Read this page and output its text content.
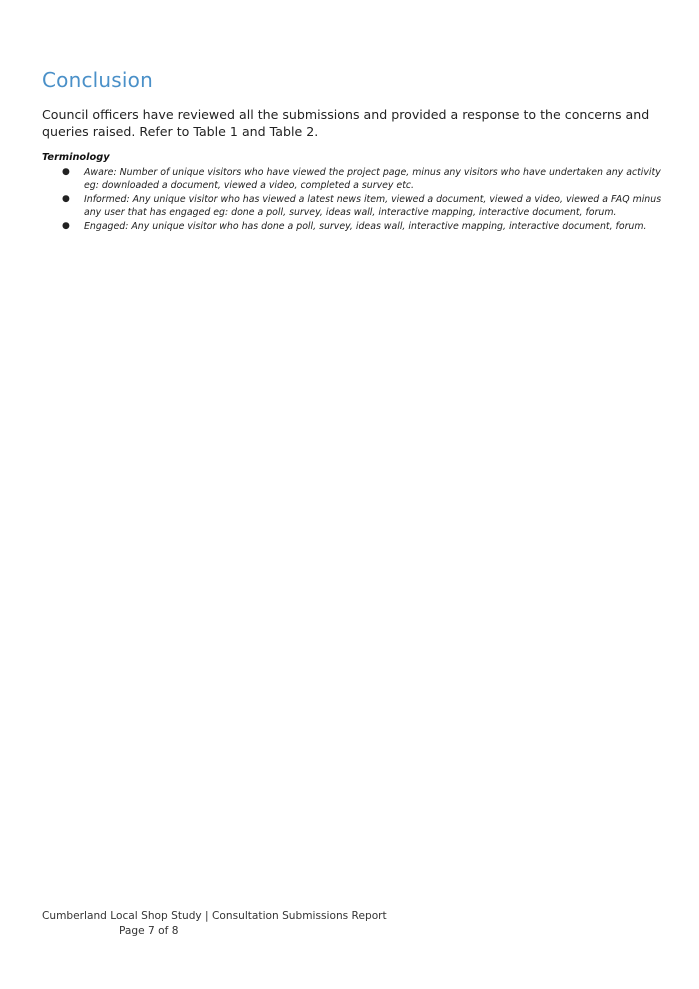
Conclusion

Council officers have reviewed all the submissions and provided a response to the concerns and queries raised. Refer to Table 1 and Table 2.

Terminology
● Aware: Number of unique visitors who have viewed the project page, minus any visitors who have undertaken any activity eg: downloaded a document, viewed a video, completed a survey etc.
● Informed: Any unique visitor who has viewed a latest news item, viewed a document, viewed a video, viewed a FAQ minus any user that has engaged eg: done a poll, survey, ideas wall, interactive mapping, interactive document, forum.
● Engaged: Any unique visitor who has done a poll, survey, ideas wall, interactive mapping, interactive document, forum.
Cumberland Local Shop Study | Consultation Submissions Report
Page 7 of 8
